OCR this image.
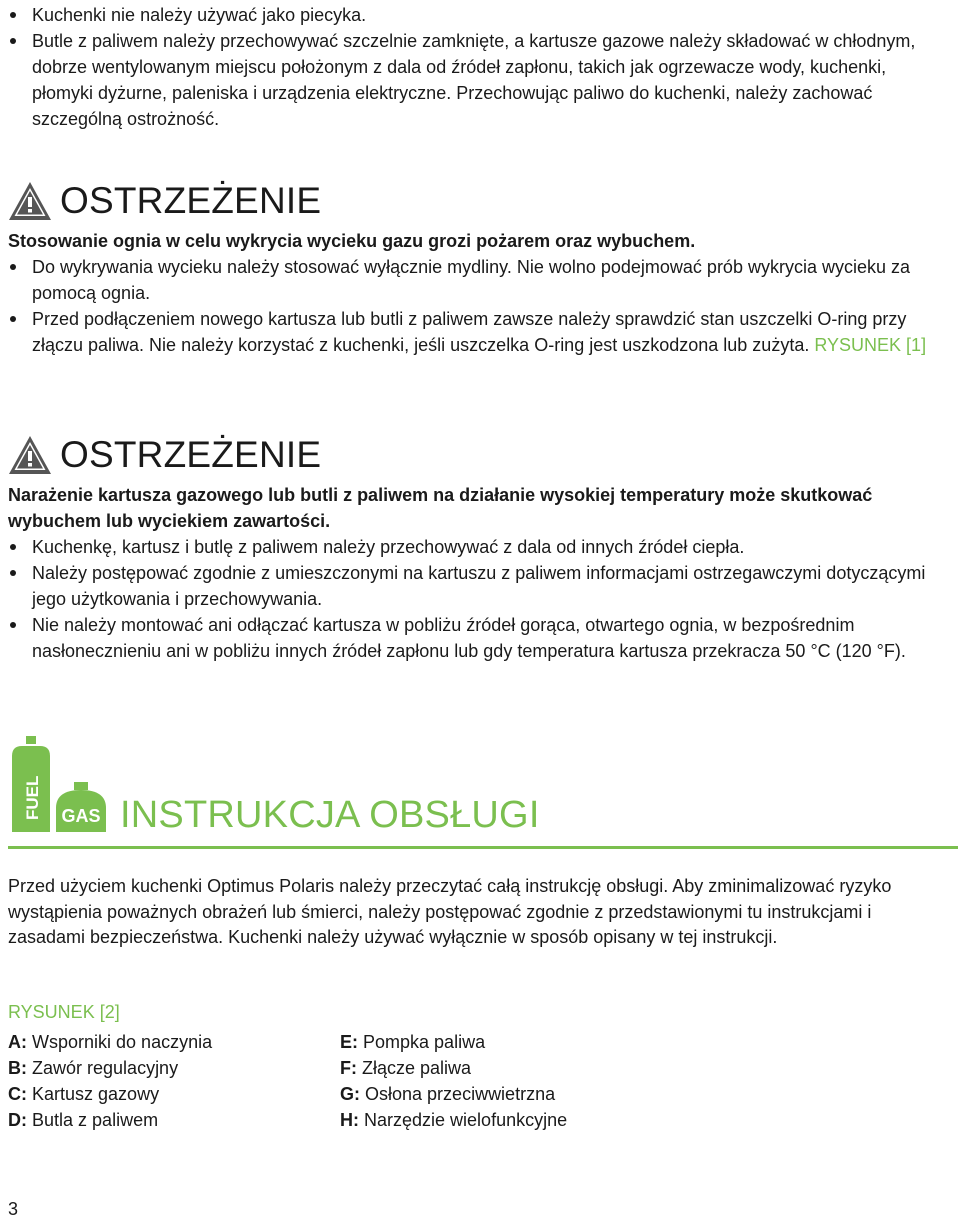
Kuchenki nie należy używać jako piecyka.
Butle z paliwem należy przechowywać szczelnie zamknięte, a kartusze gazowe należy składować w chłodnym, dobrze wentylowanym miejscu położonym z dala od źródeł zapłonu, takich jak ogrzewacze wody, kuchenki, płomyki dyżurne, paleniska i urządzenia elektryczne. Przechowując paliwo do kuchenki, należy zachować szczególną ostrożność.
OSTRZEŻENIE
Stosowanie ognia w celu wykrycia wycieku gazu grozi pożarem oraz wybuchem.
Do wykrywania wycieku należy stosować wyłącznie mydliny. Nie wolno podejmować prób wykrycia wycieku za pomocą ognia.
Przed podłączeniem nowego kartusza lub butli z paliwem zawsze należy sprawdzić stan uszczelki O-ring przy złączu paliwa. Nie należy korzystać z kuchenki, jeśli uszczelka O-ring jest uszkodzona lub zużyta. RYSUNEK [1]
OSTRZEŻENIE
Narażenie kartusza gazowego lub butli z paliwem na działanie wysokiej temperatury może skutkować wybuchem lub wyciekiem zawartości.
Kuchenkę, kartusz i butlę z paliwem należy przechowywać z dala od innych źródeł ciepła.
Należy postępować zgodnie z umieszczonymi na kartuszu z paliwem informacjami ostrzegawczymi dotyczącymi jego użytkowania i przechowywania.
Nie należy montować ani odłączać kartusza w pobliżu źródeł gorąca, otwartego ognia, w bezpośrednim nasłonecznieniu ani w pobliżu innych źródeł zapłonu lub gdy temperatura kartusza przekracza 50 °C (120 °F).
FUEL GAS INSTRUKCJA OBSŁUGI

Przed użyciem kuchenki Optimus Polaris należy przeczytać całą instrukcję obsługi. Aby zminimalizować ryzyko wystąpienia poważnych obrażeń lub śmierci, należy postępować zgodnie z przedstawionymi tu instrukcjami i zasadami bezpieczeństwa. Kuchenki należy używać wyłącznie w sposób opisany w tej instrukcji.

RYSUNEK [2]
A: Wsporniki do naczynia
B: Zawór regulacyjny
C: Kartusz gazowy
D: Butla z paliwem
E: Pompka paliwa
F: Złącze paliwa
G: Osłona przeciwwietrzna
H: Narzędzie wielofunkcyjne
3
